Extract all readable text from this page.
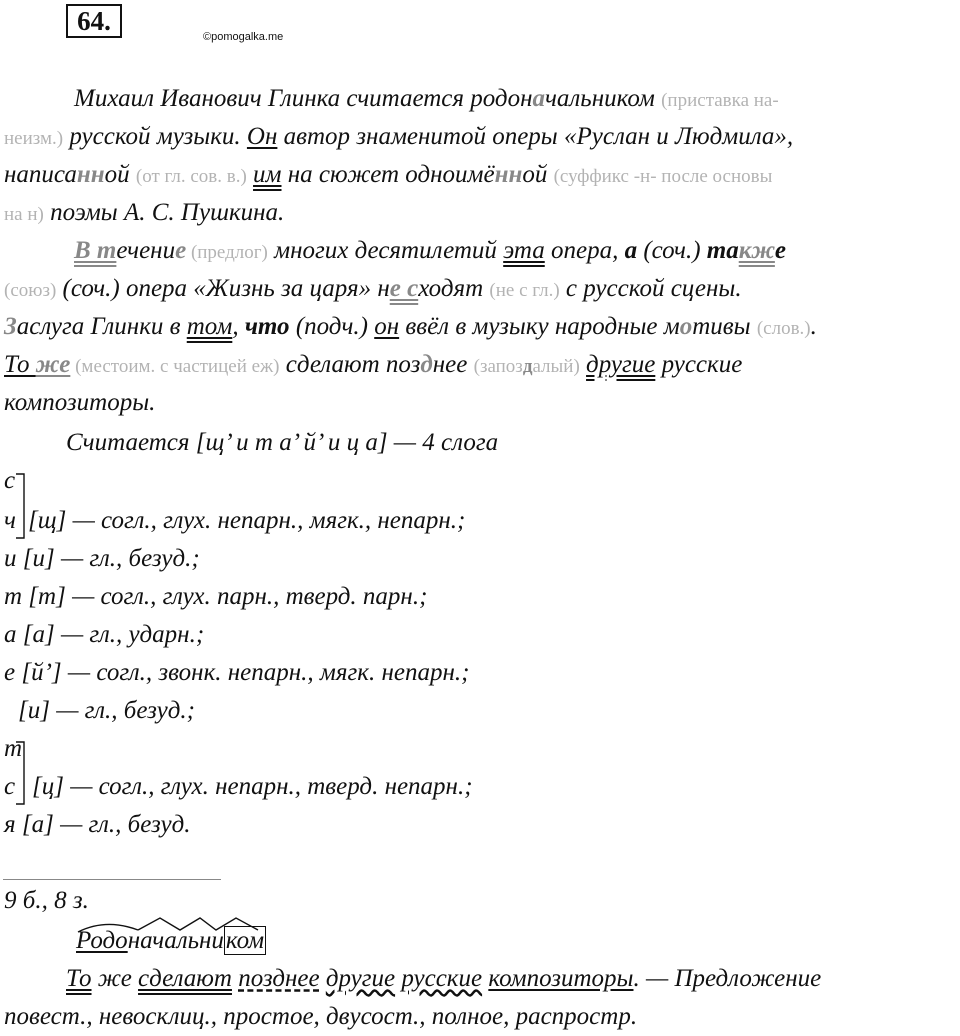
64.
©pomogalka.me
Михаил Иванович Глинка считается родоначальником (приставка на-
неизм.) русской музыки. Он автор знаменитой оперы «Руслан и Людмила»,
написанной (от гл. сов. в.) им на сюжет одноимённой (суффикс -н- после основы
на н) поэмы А. С. Пушкина.
В течение (предлог) многих десятилетий эта опера, а (соч.) также
(союз) (соч.) опера «Жизнь за царя» не сходят (не с гл.) с русской сцены.
Заслуга Глинки в том, что (подч.) он ввёл в музыку народные мотивы (слов.).
То же (местоим. с частицей еж) сделают позднее (запоздалый) другие русские
композиторы.
Считается [щ’ и т а’ й’ и ц а] — 4 слога
с
ч [щ] — согл., глух. непарн., мягк., непарн.;
и [и] — гл., безуд.;
т [т] — согл., глух. парн., тверд. парн.;
а [а] — гл., ударн.;
е [й’] — согл., звонк. непарн., мягк. непарн.;
[и] — гл., безуд.;
т
с [ц] — согл., глух. непарн., тверд. непарн.;
я [а] — гл., безуд.
9 б., 8 з.
Родоначальником
То же сделают позднее другие русские композиторы. — Предложение
повест., невосклиц., простое, двусост., полное, распростр.
